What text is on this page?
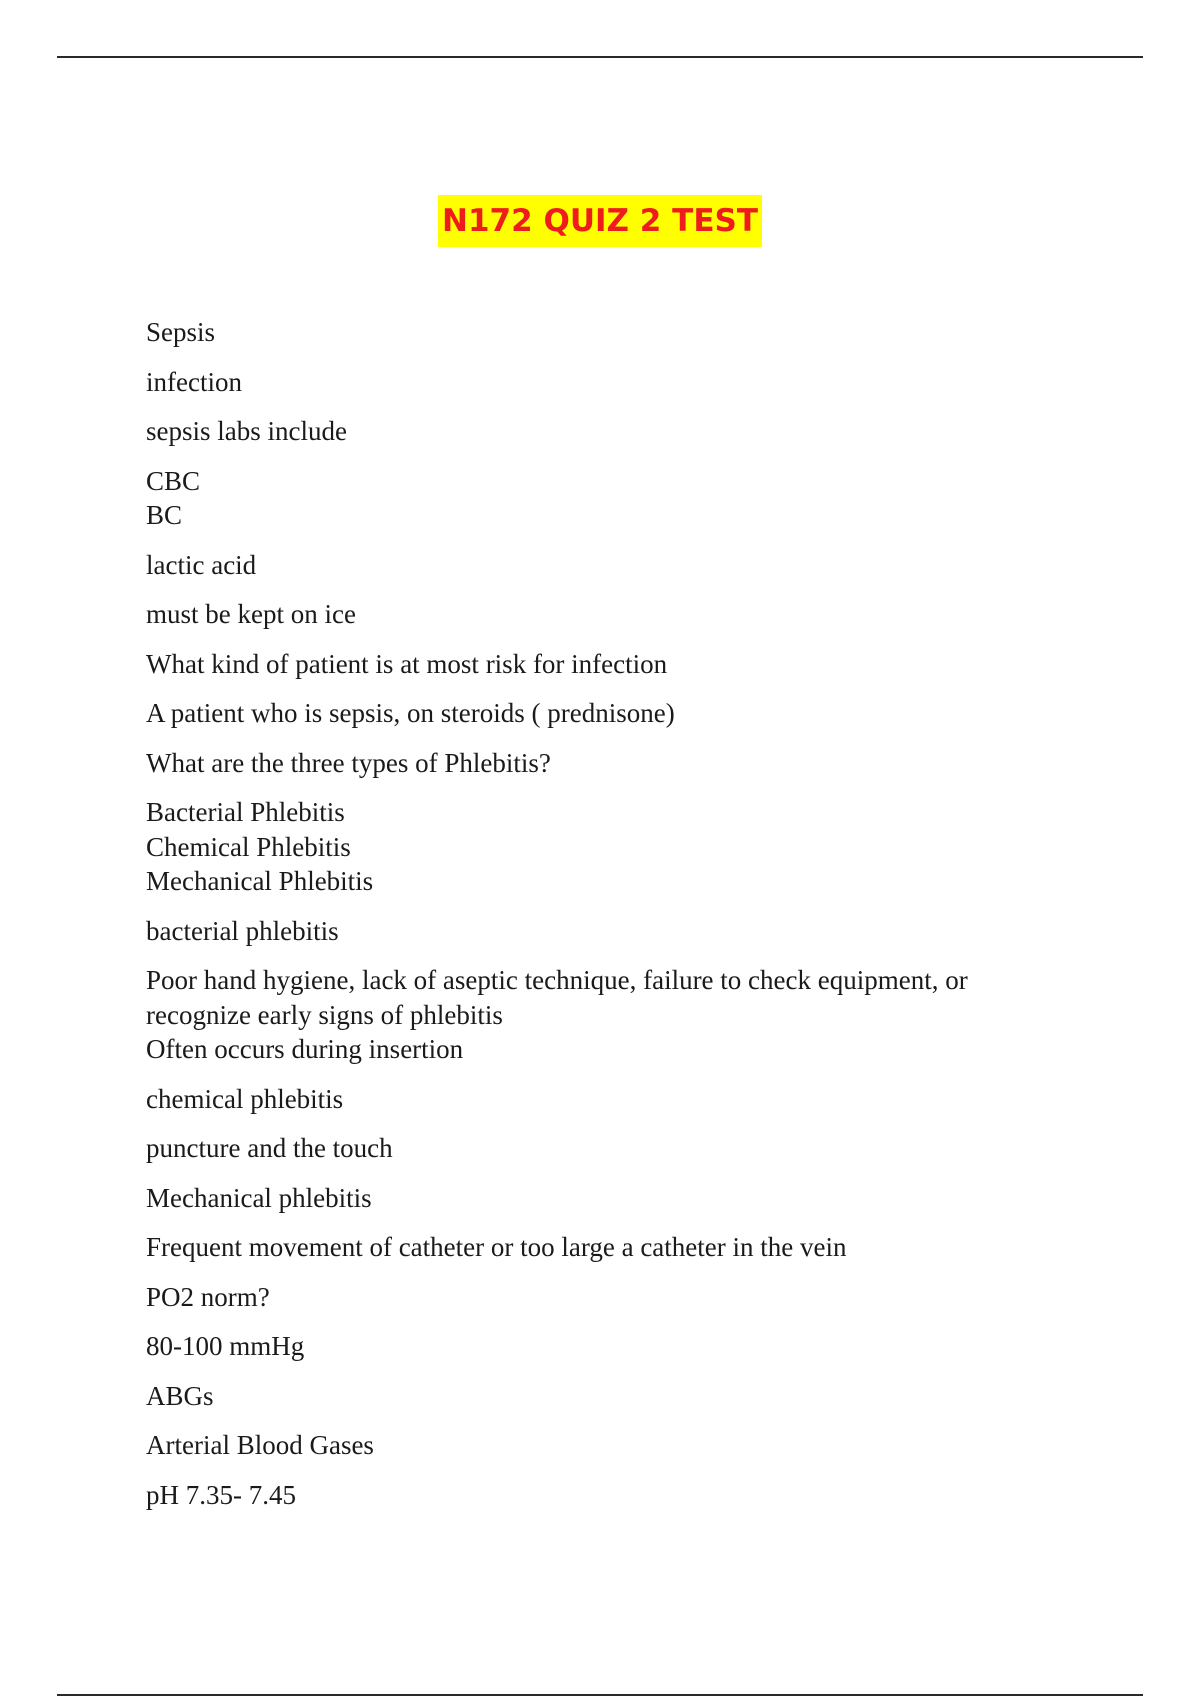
N172 QUIZ 2 TEST
Sepsis
infection
sepsis labs include
CBC
BC
lactic acid
must be kept on ice
What kind of patient is at most risk for infection
A patient who is sepsis, on steroids ( prednisone)
What are the three types of Phlebitis?
Bacterial Phlebitis
Chemical Phlebitis
Mechanical Phlebitis
bacterial phlebitis
Poor hand hygiene, lack of aseptic technique, failure to check equipment, or
recognize early signs of phlebitis
Often occurs during insertion
chemical phlebitis
puncture and the touch
Mechanical phlebitis
Frequent movement of catheter or too large a catheter in the vein
PO2 norm?
80-100 mmHg
ABGs
Arterial Blood Gases
pH 7.35- 7.45
